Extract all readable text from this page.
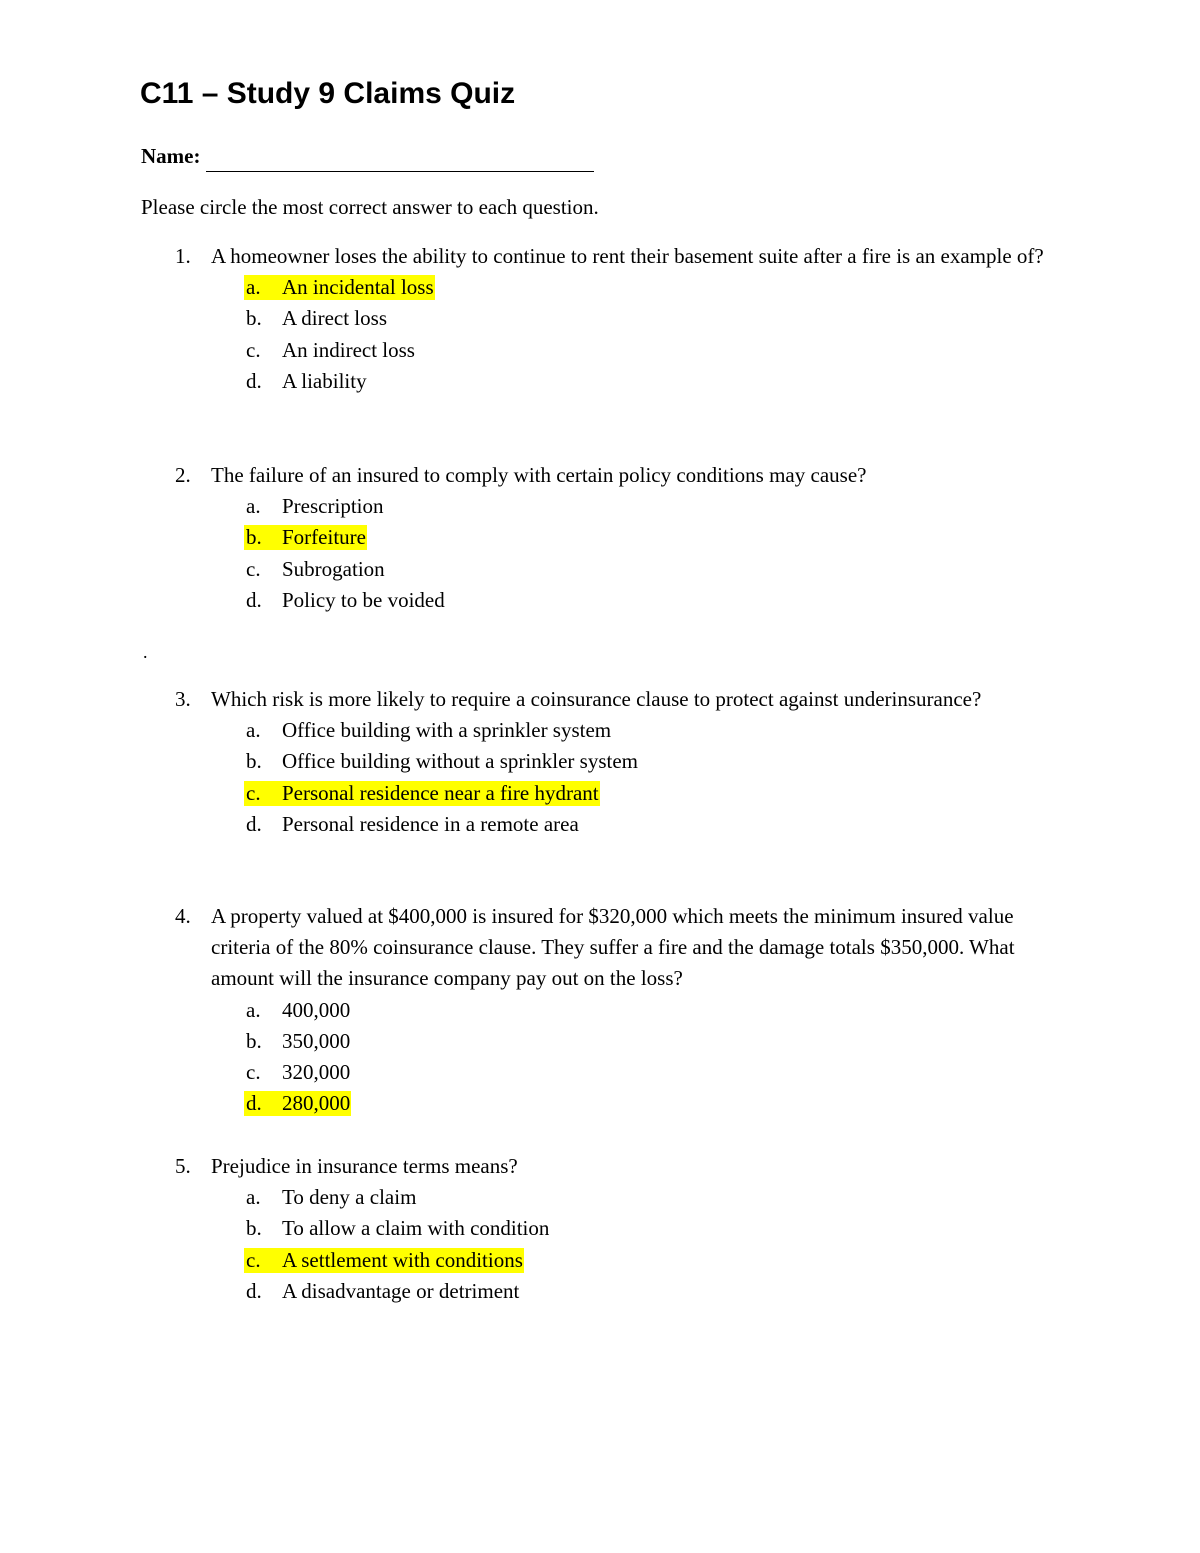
C11 – Study 9 Claims Quiz
Name:
Please circle the most correct answer to each question.
.
1. A homeowner loses the ability to continue to rent their basement suite after a fire is an example of?
a. An incidental loss
b. A direct loss
c. An indirect loss
d. A liability
2. The failure of an insured to comply with certain policy conditions may cause?
a. Prescription
b. Forfeiture
c. Subrogation
d. Policy to be voided
3. Which risk is more likely to require a coinsurance clause to protect against underinsurance?
a. Office building with a sprinkler system
b. Office building without a sprinkler system
c. Personal residence near a fire hydrant
d. Personal residence in a remote area
4. A property valued at $400,000 is insured for $320,000 which meets the minimum insured value criteria of the 80% coinsurance clause. They suffer a fire and the damage totals $350,000. What amount will the insurance company pay out on the loss?
a. 400,000
b. 350,000
c. 320,000
d. 280,000
5. Prejudice in insurance terms means?
a. To deny a claim
b. To allow a claim with condition
c. A settlement with conditions
d. A disadvantage or detriment
